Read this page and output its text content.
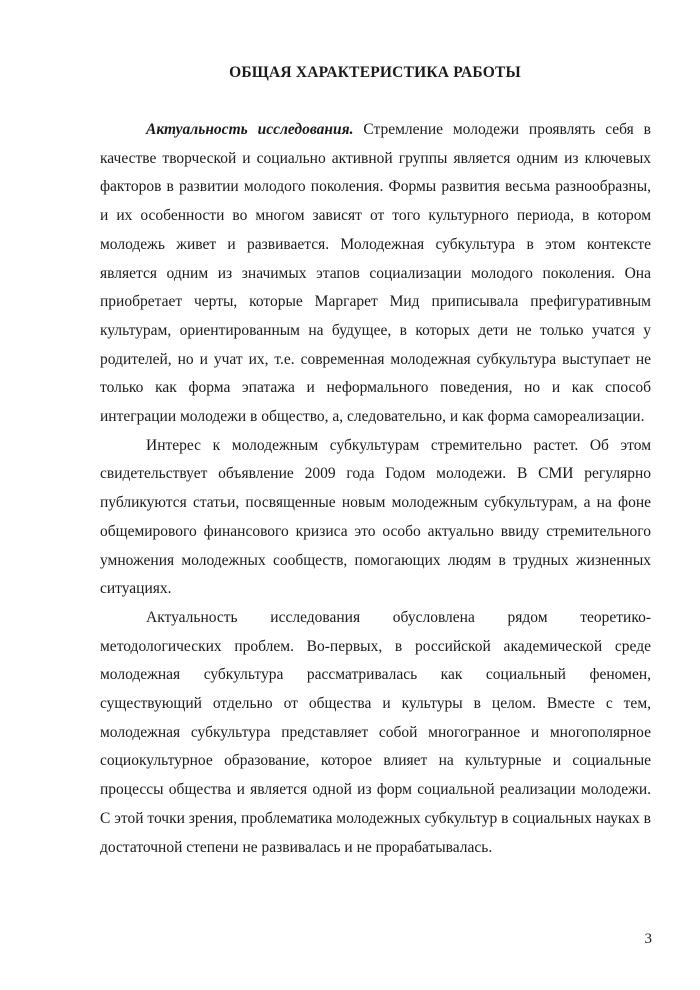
ОБЩАЯ ХАРАКТЕРИСТИКА РАБОТЫ

Актуальность исследования. Стремление молодежи проявлять себя в качестве творческой и социально активной группы является одним из ключевых факторов в развитии молодого поколения. Формы развития весьма разнообразны, и их особенности во многом зависят от того культурного периода, в котором молодежь живет и развивается. Молодежная субкультура в этом контексте является одним из значимых этапов социализации молодого поколения. Она приобретает черты, которые Маргарет Мид приписывала префигуративным культурам, ориентированным на будущее, в которых дети не только учатся у родителей, но и учат их, т.е. современная молодежная субкультура выступает не только как форма эпатажа и неформального поведения, но и как способ интеграции молодежи в общество, а, следовательно, и как форма самореализации.

Интерес к молодежным субкультурам стремительно растет. Об этом свидетельствует объявление 2009 года Годом молодежи. В СМИ регулярно публикуются статьи, посвященные новым молодежным субкультурам, а на фоне общемирового финансового кризиса это особо актуально ввиду стремительного умножения молодежных сообществ, помогающих людям в трудных жизненных ситуациях.

Актуальность исследования обусловлена рядом теоретико-методологических проблем. Во-первых, в российской академической среде молодежная субкультура рассматривалась как социальный феномен, существующий отдельно от общества и культуры в целом. Вместе с тем, молодежная субкультура представляет собой многогранное и многополярное социокультурное образование, которое влияет на культурные и социальные процессы общества и является одной из форм социальной реализации молодежи. С этой точки зрения, проблематика молодежных субкультур в социальных науках в достаточной степени не развивалась и не прорабатывалась.

3
